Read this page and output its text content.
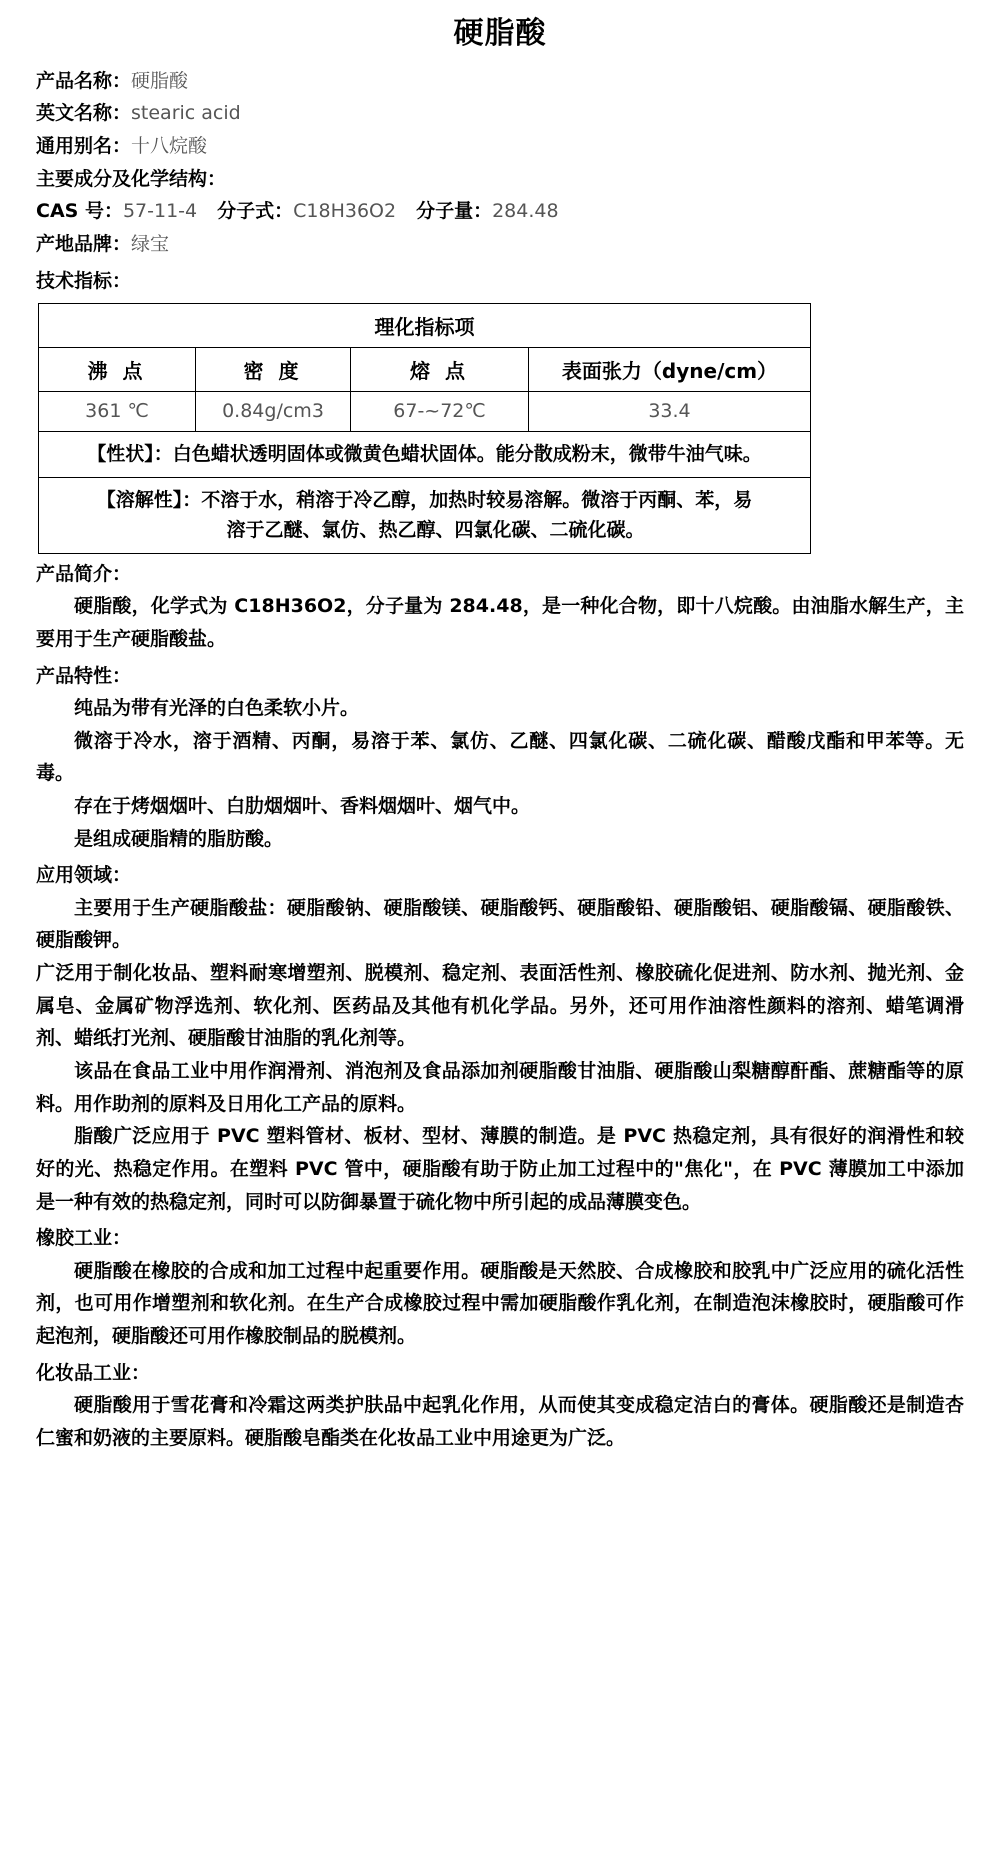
硬脂酸
产品名称：硬脂酸
英文名称：stearic acid
通用别名：十八烷酸
主要成分及化学结构：
CAS 号：57-11-4 分子式：C18H36O2 分子量：284.48
产地品牌：绿宝
技术指标：
理化指标项			
沸 点	密 度	熔 点	表面张力（dyne/cm）
361 ℃	0.84g/cm3	67-~72℃	33.4
【性状】：白色蜡状透明固体或微黄色蜡状固体。能分散成粉末，微带牛油气味。			
【溶解性】：不溶于水，稍溶于冷乙醇，加热时较易溶解。微溶于丙酮、苯，易
溶于乙醚、氯仿、热乙醇、四氯化碳、二硫化碳。			
产品简介：

硬脂酸，化学式为 C18H36O2，分子量为 284.48，是一种化合物，即十八烷酸。由油脂水解生产，主要用于生产硬脂酸盐。

产品特性：

纯品为带有光泽的白色柔软小片。

微溶于冷水，溶于酒精、丙酮，易溶于苯、氯仿、乙醚、四氯化碳、二硫化碳、醋酸戊酯和甲苯等。无毒。

存在于烤烟烟叶、白肋烟烟叶、香料烟烟叶、烟气中。

是组成硬脂精的脂肪酸。

应用领域：

主要用于生产硬脂酸盐：硬脂酸钠、硬脂酸镁、硬脂酸钙、硬脂酸铅、硬脂酸铝、硬脂酸镉、硬脂酸铁、硬脂酸钾。

广泛用于制化妆品、塑料耐寒增塑剂、脱模剂、稳定剂、表面活性剂、橡胶硫化促进剂、防水剂、抛光剂、金属皂、金属矿物浮选剂、软化剂、医药品及其他有机化学品。另外，还可用作油溶性颜料的溶剂、蜡笔调滑剂、蜡纸打光剂、硬脂酸甘油脂的乳化剂等。

该品在食品工业中用作润滑剂、消泡剂及食品添加剂硬脂酸甘油脂、硬脂酸山梨糖醇酐酯、蔗糖酯等的原料。用作助剂的原料及日用化工产品的原料。

脂酸广泛应用于 PVC 塑料管材、板材、型材、薄膜的制造。是 PVC 热稳定剂，具有很好的润滑性和较好的光、热稳定作用。在塑料 PVC 管中，硬脂酸有助于防止加工过程中的"焦化"，在 PVC 薄膜加工中添加是一种有效的热稳定剂，同时可以防御暴置于硫化物中所引起的成品薄膜变色。

橡胶工业：

硬脂酸在橡胶的合成和加工过程中起重要作用。硬脂酸是天然胶、合成橡胶和胶乳中广泛应用的硫化活性剂，也可用作增塑剂和软化剂。在生产合成橡胶过程中需加硬脂酸作乳化剂，在制造泡沫橡胶时，硬脂酸可作起泡剂，硬脂酸还可用作橡胶制品的脱模剂。

化妆品工业：

硬脂酸用于雪花膏和冷霜这两类护肤品中起乳化作用，从而使其变成稳定洁白的膏体。硬脂酸还是制造杏仁蜜和奶液的主要原料。硬脂酸皂酯类在化妆品工业中用途更为广泛。
